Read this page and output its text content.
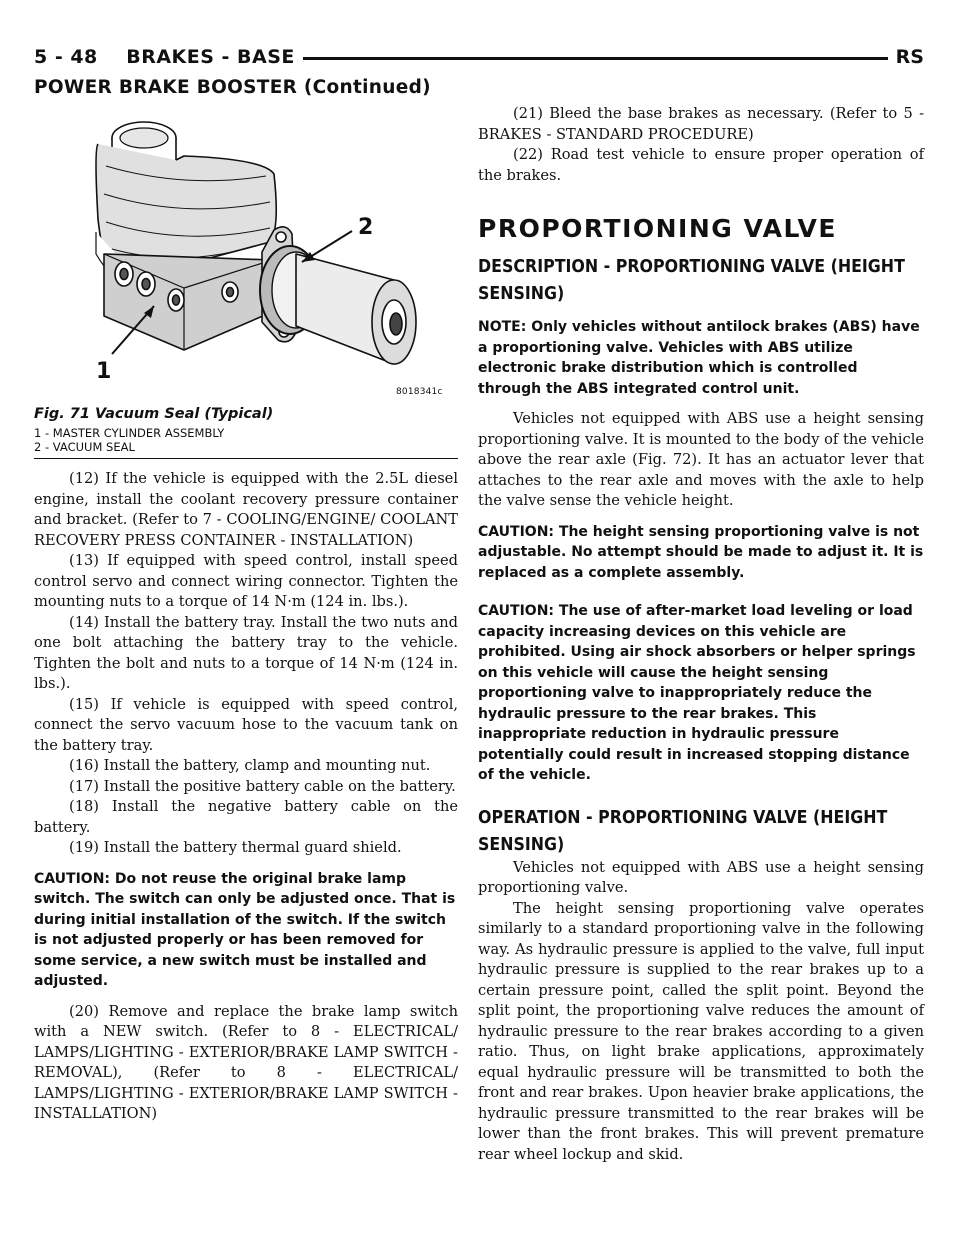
5 - 48    BRAKES - BASE	RS
POWER BRAKE BOOSTER (Continued)
2
1
8018341c
Fig. 71 Vacuum Seal (Typical)
1 - MASTER CYLINDER ASSEMBLY
2 - VACUUM SEAL

(12) If the vehicle is equipped with the 2.5L diesel engine, install the coolant recovery pressure container and bracket. (Refer to 7 - COOLING/ENGINE/ COOLANT RECOVERY PRESS CONTAINER - INSTALLATION)

(13) If equipped with speed control, install speed control servo and connect wiring connector. Tighten the mounting nuts to a torque of 14 N·m (124 in. lbs.).

(14) Install the battery tray. Install the two nuts and one bolt attaching the battery tray to the vehicle. Tighten the bolt and nuts to a torque of 14 N·m (124 in. lbs.).

(15) If vehicle is equipped with speed control, connect the servo vacuum hose to the vacuum tank on the battery tray.

(16) Install the battery, clamp and mounting nut.

(17) Install the positive battery cable on the battery.

(18) Install the negative battery cable on the battery.

(19) Install the battery thermal guard shield.

CAUTION: Do not reuse the original brake lamp switch. The switch can only be adjusted once. That is during initial installation of the switch. If the switch is not adjusted properly or has been removed for some service, a new switch must be installed and adjusted.

(20) Remove and replace the brake lamp switch with a NEW switch. (Refer to 8 - ELECTRICAL/ LAMPS/LIGHTING - EXTERIOR/BRAKE LAMP SWITCH - REMOVAL), (Refer to 8 - ELECTRICAL/ LAMPS/LIGHTING - EXTERIOR/BRAKE LAMP SWITCH - INSTALLATION)

(21) Bleed the base brakes as necessary. (Refer to 5 - BRAKES - STANDARD PROCEDURE)

(22) Road test vehicle to ensure proper operation of the brakes.

PROPORTIONING VALVE
DESCRIPTION - PROPORTIONING VALVE (HEIGHT SENSING)

NOTE: Only vehicles without antilock brakes (ABS) have a proportioning valve. Vehicles with ABS utilize electronic brake distribution which is controlled through the ABS integrated control unit.

Vehicles not equipped with ABS use a height sensing proportioning valve. It is mounted to the body of the vehicle above the rear axle (Fig. 72). It has an actuator lever that attaches to the rear axle and moves with the axle to help the valve sense the vehicle height.

CAUTION: The height sensing proportioning valve is not adjustable. No attempt should be made to adjust it. It is replaced as a complete assembly.

CAUTION: The use of after-market load leveling or load capacity increasing devices on this vehicle are prohibited. Using air shock absorbers or helper springs on this vehicle will cause the height sensing proportioning valve to inappropriately reduce the hydraulic pressure to the rear brakes. This inappropriate reduction in hydraulic pressure potentially could result in increased stopping distance of the vehicle.

OPERATION - PROPORTIONING VALVE (HEIGHT SENSING)

Vehicles not equipped with ABS use a height sensing proportioning valve.

The height sensing proportioning valve operates similarly to a standard proportioning valve in the following way. As hydraulic pressure is applied to the valve, full input hydraulic pressure is supplied to the rear brakes up to a certain pressure point, called the split point. Beyond the split point, the proportioning valve reduces the amount of hydraulic pressure to the rear brakes according to a given ratio. Thus, on light brake applications, approximately equal hydraulic pressure will be transmitted to both the front and rear brakes. Upon heavier brake applications, the hydraulic pressure transmitted to the rear brakes will be lower than the front brakes. This will prevent premature rear wheel lockup and skid.
